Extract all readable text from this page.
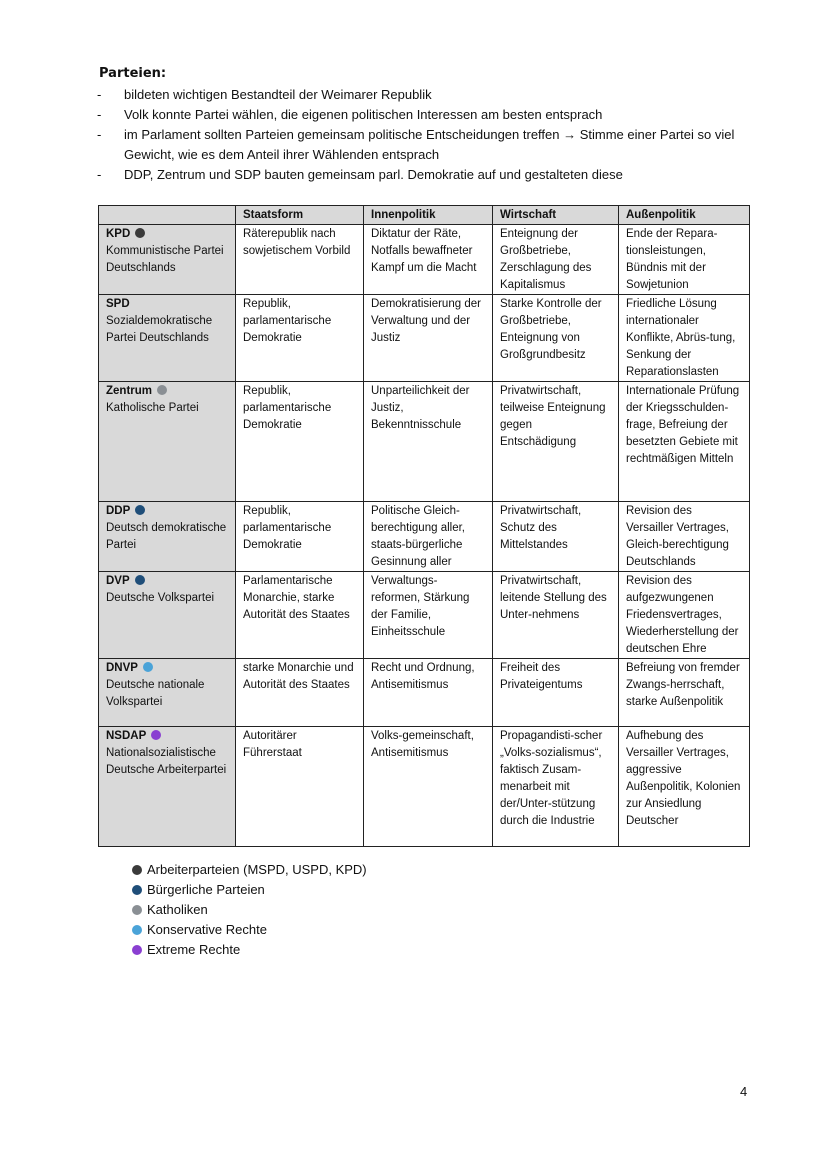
Parteien:
- bildeten wichtigen Bestandteil der Weimarer Republik
- Volk konnte Partei wählen, die eigenen politischen Interessen am besten entsprach
- im Parlament sollten Parteien gemeinsam politische Entscheidungen treffen → Stimme einer Partei so viel Gewicht, wie es dem Anteil ihrer Wählenden entsprach
- DDP, Zentrum und SDP bauten gemeinsam parl. Demokratie auf und gestalteten diese
	Staatsform	Innenpolitik	Wirtschaft	Außenpolitik
KPD
Kommunistische Partei Deutschlands	Räterepublik nach sowjetischem Vorbild	Diktatur der Räte, Notfalls bewaffneter Kampf um die Macht	Enteignung der Großbetriebe, Zerschlagung des Kapitalismus	Ende der Repara-tionsleistungen, Bündnis mit der Sowjetunion
SPD
Sozialdemokratische Partei Deutschlands	Republik, parlamentarische Demokratie	Demokratisierung der Verwaltung und der Justiz	Starke Kontrolle der Großbetriebe, Enteignung von Großgrundbesitz	Friedliche Lösung internationaler Konflikte, Abrüs-tung, Senkung der Reparationslasten
Zentrum
Katholische Partei	Republik, parlamentarische Demokratie	Unparteilichkeit der Justiz, Bekenntnisschule	Privatwirtschaft, teilweise Enteignung gegen Entschädigung	Internationale Prüfung der Kriegsschulden-frage, Befreiung der besetzten Gebiete mit rechtmäßigen Mitteln
DDP
Deutsch demokratische Partei	Republik, parlamentarische Demokratie	Politische Gleich-berechtigung aller, staats-bürgerliche Gesinnung aller	Privatwirtschaft, Schutz des Mittelstandes	Revision des Versailler Vertrages, Gleich-berechtigung Deutschlands
DVP
Deutsche Volkspartei	Parlamentarische Monarchie, starke Autorität des Staates	Verwaltungs-reformen, Stärkung der Familie, Einheitsschule	Privatwirtschaft, leitende Stellung des Unter-nehmens	Revision des aufgezwungenen Friedensvertrages, Wiederherstellung der deutschen Ehre
DNVP
Deutsche nationale Volkspartei	starke Monarchie und Autorität des Staates	Recht und Ordnung, Antisemitismus	Freiheit des Privateigentums	Befreiung von fremder Zwangs-herrschaft, starke Außenpolitik
NSDAP
Nationalsozialistische Deutsche Arbeiterpartei	Autoritärer Führerstaat	Volks-gemeinschaft, Antisemitismus	Propagandisti-scher „Volks-sozialismus“, faktisch Zusam-menarbeit mit der/Unter-stützung durch die Industrie	Aufhebung des Versailler Vertrages, aggressive Außenpolitik, Kolonien zur Ansiedlung Deutscher
Arbeiterparteien (MSPD, USPD, KPD)
Bürgerliche Parteien
Katholiken
Konservative Rechte
Extreme Rechte
4
